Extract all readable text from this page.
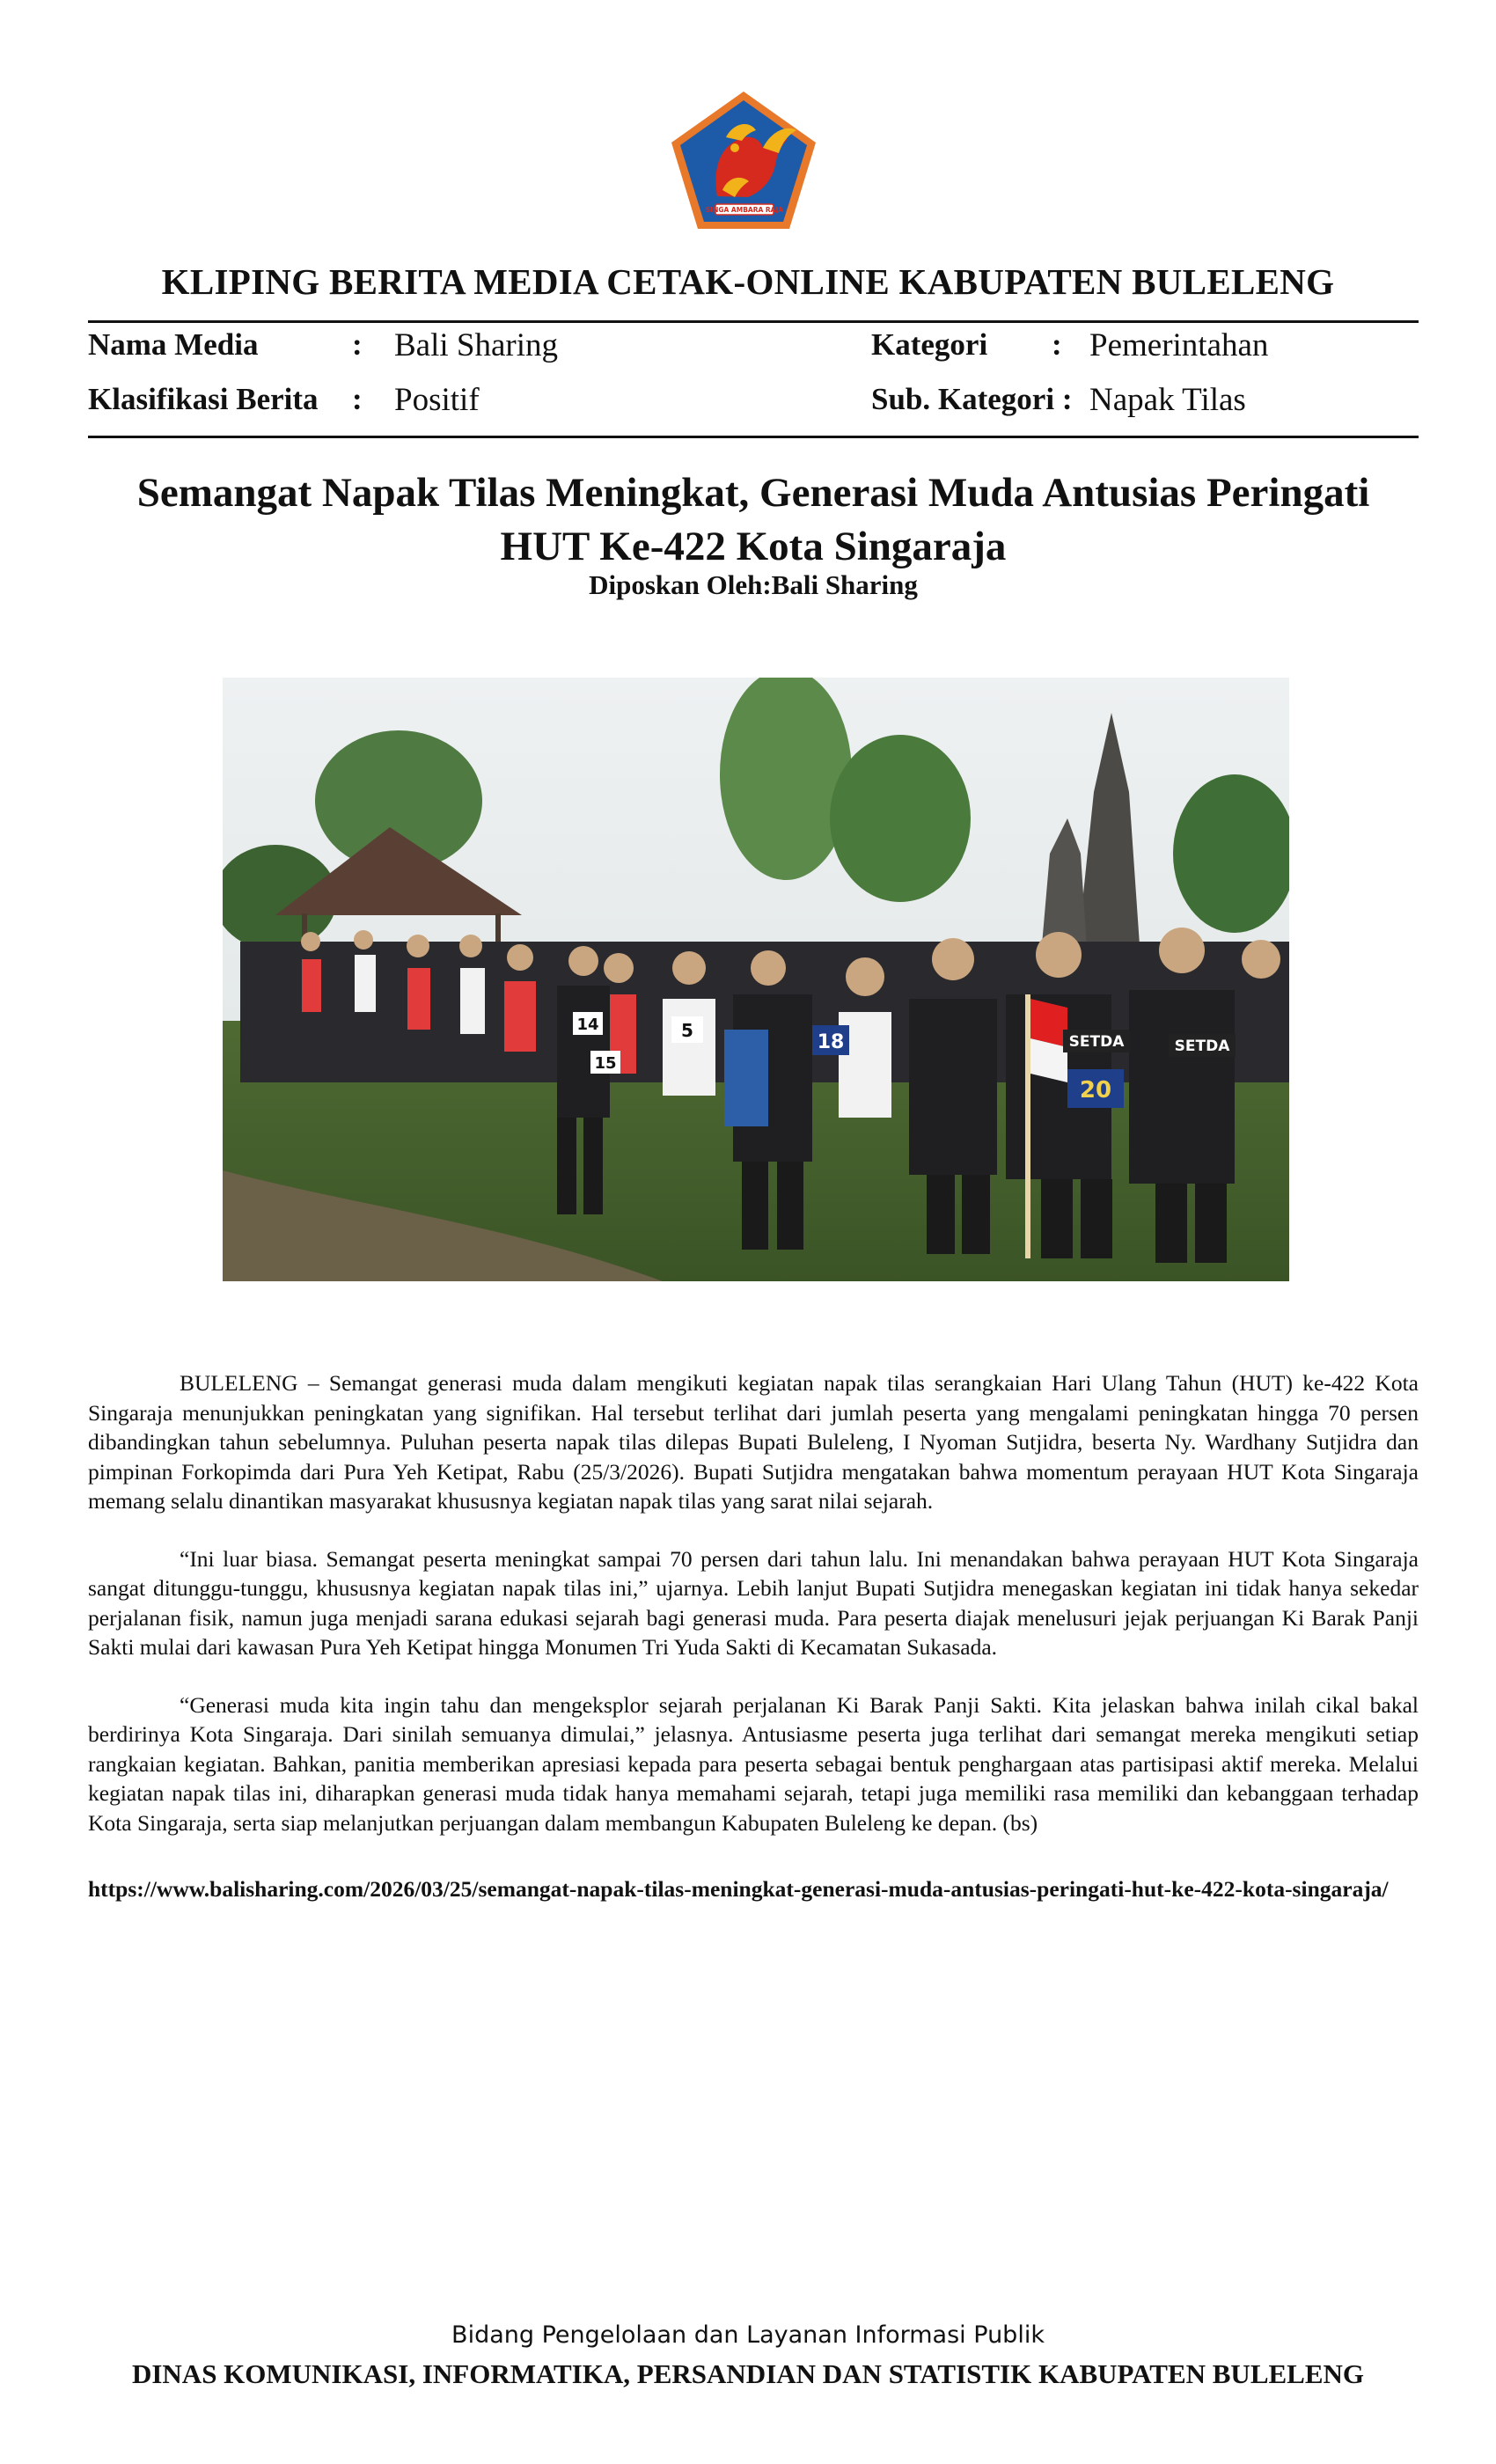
SINGA AMBARA RAJA
KLIPING BERITA MEDIA CETAK-ONLINE KABUPATEN BULELENG
Nama Media	: Bali Sharing	Kategori : Pemerintahan
Klasifikasi Berita : Positif	Sub. Kategori : Napak Tilas
Semangat Napak Tilas Meningkat, Generasi Muda Antusias Peringati
HUT Ke-422 Kota Singaraja
Diposkan Oleh:Bali Sharing
14
15
5
18
20
SETDA	SETDA

BULELENG – Semangat generasi muda dalam mengikuti kegiatan napak tilas serangkaian Hari Ulang Tahun (HUT) ke-422 Kota Singaraja menunjukkan peningkatan yang signifikan. Hal tersebut terlihat dari jumlah peserta yang mengalami peningkatan hingga 70 persen dibandingkan tahun sebelumnya. Puluhan peserta napak tilas dilepas Bupati Buleleng, I Nyoman Sutjidra, beserta Ny. Wardhany Sutjidra dan pimpinan Forkopimda dari Pura Yeh Ketipat, Rabu (25/3/2026). Bupati Sutjidra mengatakan bahwa momentum perayaan HUT Kota Singaraja memang selalu dinantikan masyarakat khususnya kegiatan napak tilas yang sarat nilai sejarah.

“Ini luar biasa. Semangat peserta meningkat sampai 70 persen dari tahun lalu. Ini menandakan bahwa perayaan HUT Kota Singaraja sangat ditunggu-tunggu, khususnya kegiatan napak tilas ini,” ujarnya. Lebih lanjut Bupati Sutjidra menegaskan kegiatan ini tidak hanya sekedar perjalanan fisik, namun juga menjadi sarana edukasi sejarah bagi generasi muda. Para peserta diajak menelusuri jejak perjuangan Ki Barak Panji Sakti mulai dari kawasan Pura Yeh Ketipat hingga Monumen Tri Yuda Sakti di Kecamatan Sukasada.

“Generasi muda kita ingin tahu dan mengeksplor sejarah perjalanan Ki Barak Panji Sakti. Kita jelaskan bahwa inilah cikal bakal berdirinya Kota Singaraja. Dari sinilah semuanya dimulai,” jelasnya. Antusiasme peserta juga terlihat dari semangat mereka mengikuti setiap rangkaian kegiatan. Bahkan, panitia memberikan apresiasi kepada para peserta sebagai bentuk penghargaan atas partisipasi aktif mereka. Melalui kegiatan napak tilas ini, diharapkan generasi muda tidak hanya memahami sejarah, tetapi juga memiliki rasa memiliki dan kebanggaan terhadap Kota Singaraja, serta siap melanjutkan perjuangan dalam membangun Kabupaten Buleleng ke depan. (bs)

https://www.balisharing.com/2026/03/25/semangat-napak-tilas-meningkat-generasi-muda-antusias-peringati-hut-ke-422-kota-singaraja/
Bidang Pengelolaan dan Layanan Informasi Publik
DINAS KOMUNIKASI, INFORMATIKA, PERSANDIAN DAN STATISTIK KABUPATEN BULELENG
